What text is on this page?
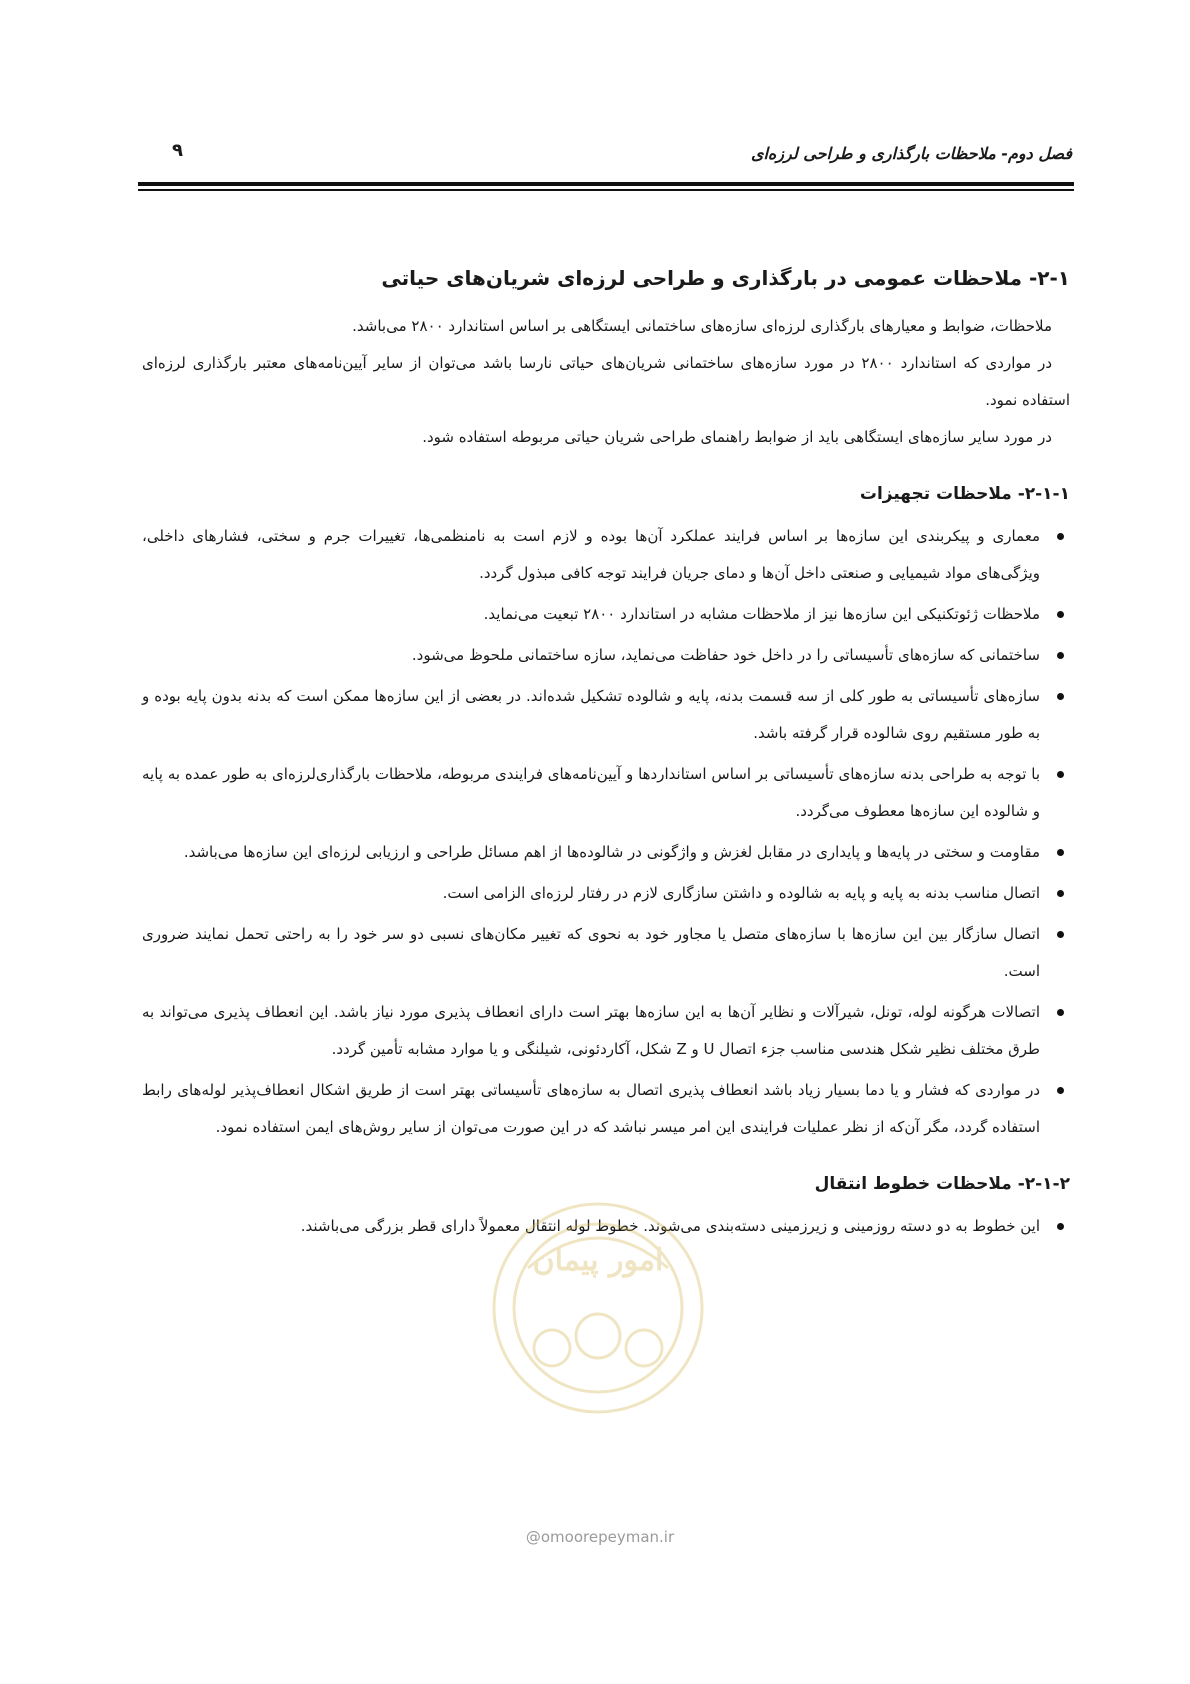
فصل دوم- ملاحظات بارگذاری و طراحی لرزه‌ای
۹
۲-۱- ملاحظات عمومی در بارگذاری و طراحی لرزه‌ای شریان‌های حیاتی

ملاحظات، ضوابط و معیارهای بارگذاری لرزه‌ای سازه‌های ساختمانی ایستگاهی بر اساس استاندارد ۲۸۰۰ می‌باشد.

در مواردی که استاندارد ۲۸۰۰ در مورد سازه‌های ساختمانی شریان‌های حیاتی نارسا باشد می‌توان از سایر آیین‌نامه‌های معتبر بارگذاری لرزه‌ای استفاده نمود.

در مورد سایر سازه‌های ایستگاهی باید از ضوابط راهنمای طراحی شریان حیاتی مربوطه استفاده شود.

۲-۱-۱- ملاحظات تجهیزات
معماری و پیکربندی این سازه‌ها بر اساس فرایند عملکرد آن‌ها بوده و لازم است به نامنظمی‌ها، تغییرات جرم و سختی، فشارهای داخلی، ویژگی‌های مواد شیمیایی و صنعتی داخل آن‌ها و دمای جریان فرایند توجه کافی مبذول گردد.
ملاحظات ژئوتکنیکی این سازه‌ها نیز از ملاحظات مشابه در استاندارد ۲۸۰۰ تبعیت می‌نماید.
ساختمانی که سازه‌های تأسیساتی را در داخل خود حفاظت می‌نماید، سازه ساختمانی ملحوظ می‌شود.
سازه‌های تأسیساتی به طور کلی از سه قسمت بدنه، پایه و شالوده تشکیل شده‌اند. در بعضی از این سازه‌ها ممکن است که بدنه بدون پایه بوده و به طور مستقیم روی شالوده قرار گرفته باشد.
با توجه به طراحی بدنه سازه‌های تأسیساتی بر اساس استانداردها و آیین‌نامه‌های فرایندی مربوطه، ملاحظات بارگذاری‌لرزه‌ای به طور عمده به پایه و شالوده این سازه‌ها معطوف می‌گردد.
مقاومت و سختی در پایه‌ها و پایداری در مقابل لغزش و واژگونی در شالوده‌ها از اهم مسائل طراحی و ارزیابی لرزه‌ای این سازه‌ها می‌باشد.
اتصال مناسب بدنه به پایه و پایه به شالوده و داشتن سازگاری لازم در رفتار لرزه‌ای الزامی است.
اتصال سازگار بین این سازه‌ها با سازه‌های متصل یا مجاور خود به نحوی که تغییر مکان‌های نسبی دو سر خود را به راحتی تحمل نمایند ضروری است.
اتصالات هرگونه لوله، تونل، شیرآلات و نظایر آن‌ها به این سازه‌ها بهتر است دارای انعطاف پذیری مورد نیاز باشد. این انعطاف پذیری می‌تواند به طرق مختلف نظیر شکل هندسی مناسب جزء اتصال U و Z شکل، آکاردئونی، شیلنگی و یا موارد مشابه تأمین گردد.
در مواردی که فشار و یا دما بسیار زیاد باشد انعطاف پذیری اتصال به سازه‌های تأسیساتی بهتر است از طریق اشکال انعطاف‌پذیر لوله‌های رابط استفاده گردد، مگر آن‌که از نظر عملیات فرایندی این امر میسر نباشد که در این صورت می‌توان از سایر روش‌های ایمن استفاده نمود.
۲-۱-۲- ملاحظات خطوط انتقال
این خطوط به دو دسته روزمینی و زیرزمینی دسته‌بندی می‌شوند. خطوط لوله انتقال معمولاً دارای قطر بزرگی می‌باشند.
امور پیمان
@omoorepeyman.ir
